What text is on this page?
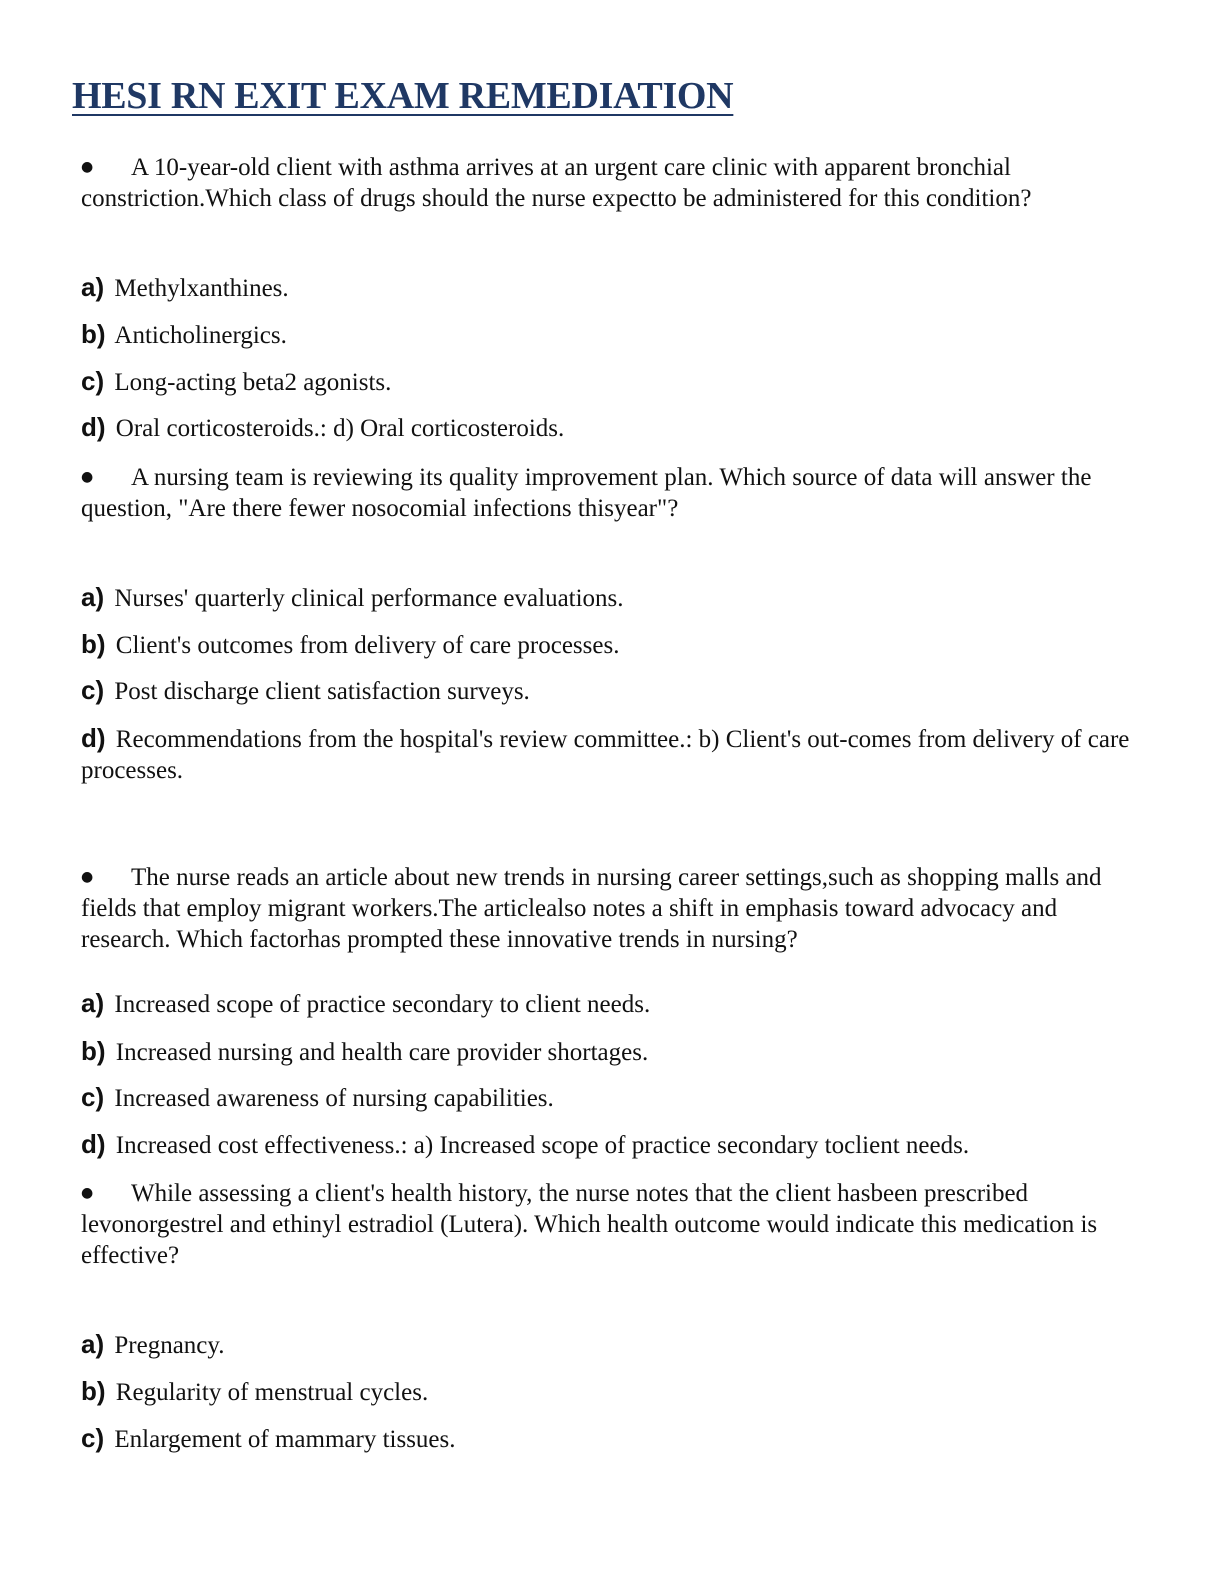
HESI RN EXIT EXAM REMEDIATION
● A 10-year-old client with asthma arrives at an urgent care clinic with apparent bronchial constriction.Which class of drugs should the nurse expectto be administered for this condition?
a) Methylxanthines.
b) Anticholinergics.
c) Long-acting beta2 agonists.
d) Oral corticosteroids.: d) Oral corticosteroids.
● A nursing team is reviewing its quality improvement plan. Which source of data will answer the question, "Are there fewer nosocomial infections thisyear"?
a) Nurses' quarterly clinical performance evaluations.
b) Client's outcomes from delivery of care processes.
c) Post discharge client satisfaction surveys.
d) Recommendations from the hospital's review committee.: b) Client's out-comes from delivery of care processes.
● The nurse reads an article about new trends in nursing career settings,such as shopping malls and fields that employ migrant workers.The articlealso notes a shift in emphasis toward advocacy and research. Which factorhas prompted these innovative trends in nursing?
a) Increased scope of practice secondary to client needs.
b) Increased nursing and health care provider shortages.
c) Increased awareness of nursing capabilities.
d) Increased cost effectiveness.: a) Increased scope of practice secondary toclient needs.
● While assessing a client's health history, the nurse notes that the client hasbeen prescribed levonorgestrel and ethinyl estradiol (Lutera). Which health outcome would indicate this medication is effective?
a) Pregnancy.
b) Regularity of menstrual cycles.
c) Enlargement of mammary tissues.
